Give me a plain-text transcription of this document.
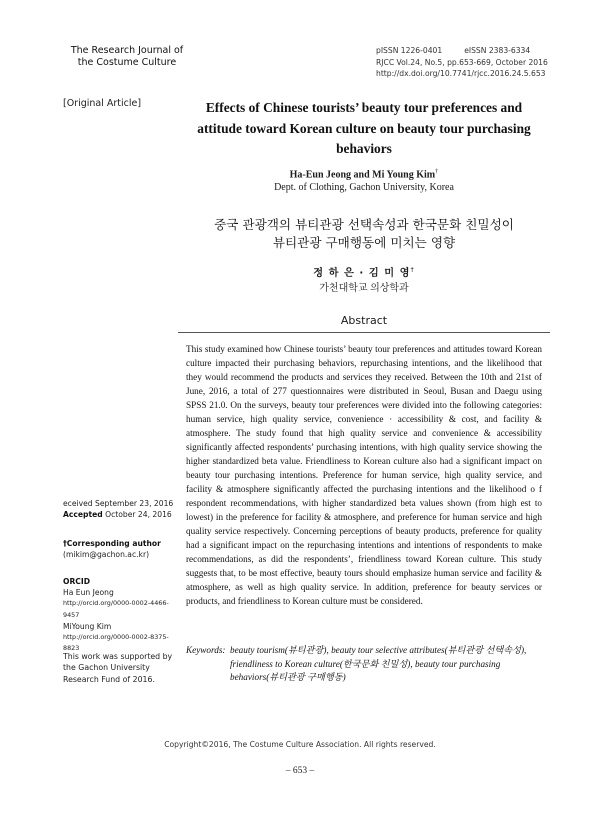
The Research Journal of
the Costume Culture
pISSN 1226-0401	eISSN 2383-6334
RJCC Vol.24, No.5, pp.653-669, October 2016
http://dx.doi.org/10.7741/rjcc.2016.24.5.653
[Original Article]	Effects of Chinese tourists’ beauty tour preferences and
attitude toward Korean culture on beauty tour purchasing
behaviors
Ha-Eun Jeong and Mi Young Kim†
Dept. of Clothing, Gachon University, Korea
중국 관광객의 뷰티관광 선택속성과 한국문화 친밀성이
뷰티관광 구매행동에 미치는 영향
정 하 은 · 김 미 영†
가천대학교 의상학과
Abstract
This study examined how Chinese tourists’ beauty tour preferences and attitudes toward Korean culture impacted their purchasing behaviors, repurchasing intentions, and the likelihood that they would recommend the products and services they received. Between the 10th and 21st of June, 2016, a total of 277 questionnaires were distributed in Seoul, Busan and Daegu using SPSS 21.0. On the surveys, beauty tour preferences were divided into the following categories: human service, high quality service, convenience · accessibility & cost, and facility & atmosphere. The study found that high quality service and convenience & accessibility significantly affected respondents’ purchasing intentions, with high quality service showing the higher standardized beta value. Friendliness to Korean culture also had a significant impact on beauty tour purchasing intentions. Preference for human service, high quality service, and facility & atmosphere significantly affected the purchasing intentions and the likelihood o f respondent recommendations, with higher standardized beta values shown (from high est to lowest) in the preference for facility & atmosphere, and preference for human service and high quality service respectively. Concerning perceptions of beauty products, preference for quality had a significant impact on the repurchasing intentions and intentions of respondents to make recommendations, as did the respondents’, friendliness toward Korean culture. This study suggests that, to be most effective, beauty tours should emphasize human service and facility & atmosphere, as well as high quality service. In addition, preference for beauty services or products, and friendliness to Korean culture must be considered.
Keywords: beauty tourism(뷰티관광), beauty tour selective attributes(뷰티관광 선택속성),
friendliness to Korean culture(한국문화 친밀성), beauty tour purchasing
behaviors(뷰티관광 구매행동)
eceived September 23, 2016
Accepted October 24, 2016
†Corresponding author
(mikim@gachon.ac.kr)
ORCID
Ha Eun Jeong
http://orcid.org/0000-0002-4466-9457
MiYoung Kim
http://orcid.org/0000-0002-8375-8823
This work was supported by
the Gachon University
Research Fund of 2016.
Copyright©2016, The Costume Culture Association. All rights reserved.
– 653 –
